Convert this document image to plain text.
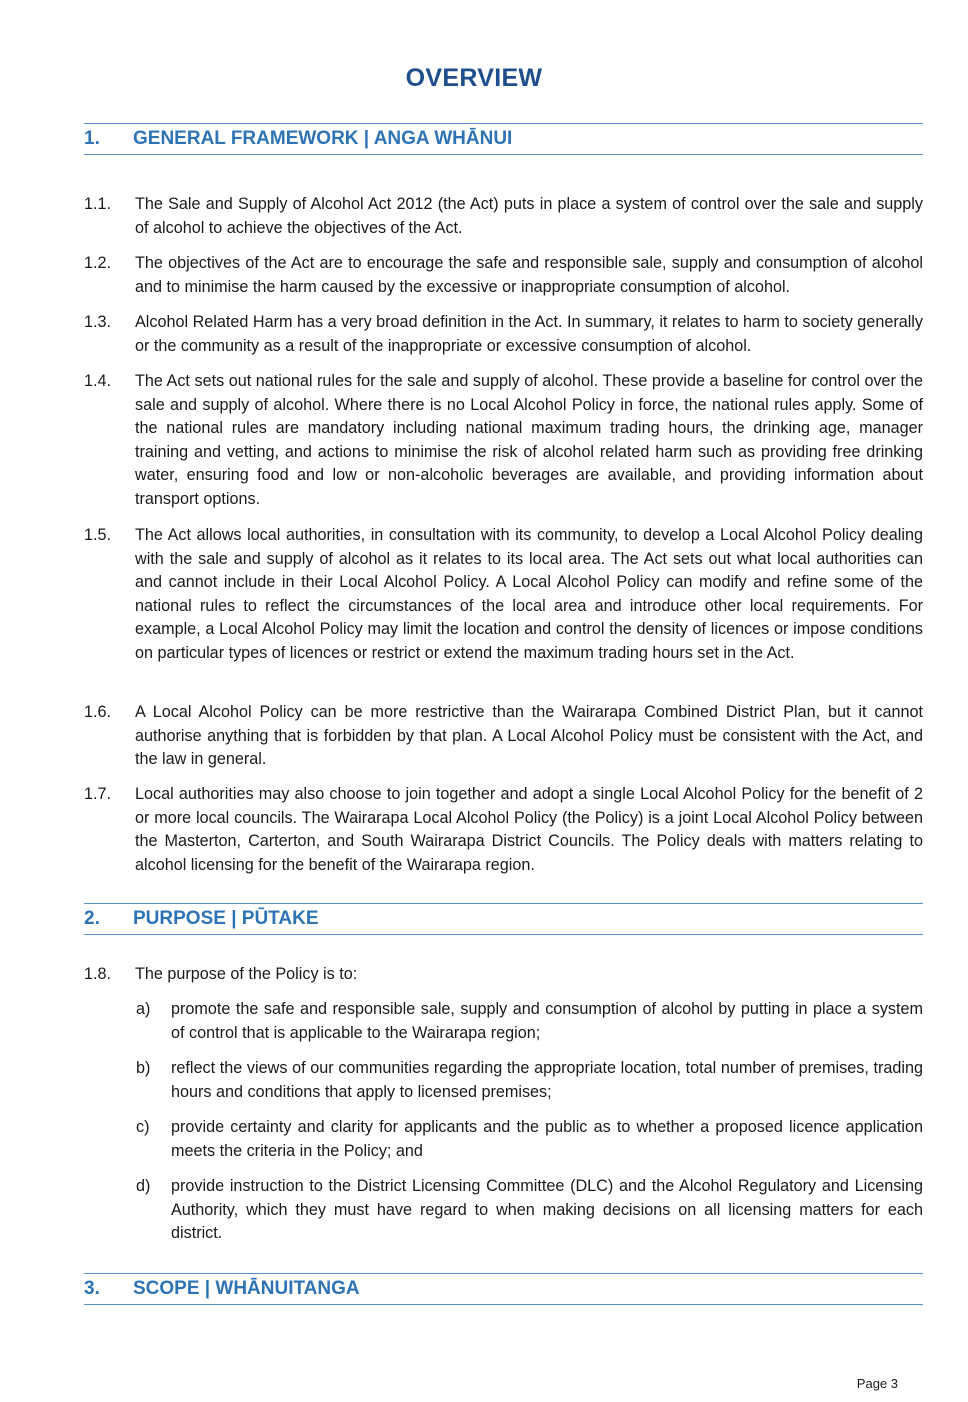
OVERVIEW
1.	GENERAL FRAMEWORK | ANGA WHĀNUI
1.1.	The Sale and Supply of Alcohol Act 2012 (the Act) puts in place a system of control over the sale and supply of alcohol to achieve the objectives of the Act.
1.2.	The objectives of the Act are to encourage the safe and responsible sale, supply and consumption of alcohol and to minimise the harm caused by the excessive or inappropriate consumption of alcohol.
1.3.	Alcohol Related Harm has a very broad definition in the Act. In summary, it relates to harm to society generally or the community as a result of the inappropriate or excessive consumption of alcohol.
1.4.	The Act sets out national rules for the sale and supply of alcohol. These provide a baseline for control over the sale and supply of alcohol. Where there is no Local Alcohol Policy in force, the national rules apply. Some of the national rules are mandatory including national maximum trading hours, the drinking age, manager training and vetting, and actions to minimise the risk of alcohol related harm such as providing free drinking water, ensuring food and low or non-alcoholic beverages are available, and providing information about transport options.
1.5.	The Act allows local authorities, in consultation with its community, to develop a Local Alcohol Policy dealing with the sale and supply of alcohol as it relates to its local area. The Act sets out what local authorities can and cannot include in their Local Alcohol Policy. A Local Alcohol Policy can modify and refine some of the national rules to reflect the circumstances of the local area and introduce other local requirements. For example, a Local Alcohol Policy may limit the location and control the density of licences or impose conditions on particular types of licences or restrict or extend the maximum trading hours set in the Act.
1.6.	A Local Alcohol Policy can be more restrictive than the Wairarapa Combined District Plan, but it cannot authorise anything that is forbidden by that plan. A Local Alcohol Policy must be consistent with the Act, and the law in general.
1.7.	Local authorities may also choose to join together and adopt a single Local Alcohol Policy for the benefit of 2 or more local councils. The Wairarapa Local Alcohol Policy (the Policy) is a joint Local Alcohol Policy between the Masterton, Carterton, and South Wairarapa District Councils. The Policy deals with matters relating to alcohol licensing for the benefit of the Wairarapa region.
2.	PURPOSE | PŪTAKE
1.8.	The purpose of the Policy is to:
a)	promote the safe and responsible sale, supply and consumption of alcohol by putting in place a system of control that is applicable to the Wairarapa region;
b)	reflect the views of our communities regarding the appropriate location, total number of premises, trading hours and conditions that apply to licensed premises;
c)	provide certainty and clarity for applicants and the public as to whether a proposed licence application meets the criteria in the Policy; and
d)	provide instruction to the District Licensing Committee (DLC) and the Alcohol Regulatory and Licensing Authority, which they must have regard to when making decisions on all licensing matters for each district.
3.	SCOPE | WHĀNUITANGA
Page 3
